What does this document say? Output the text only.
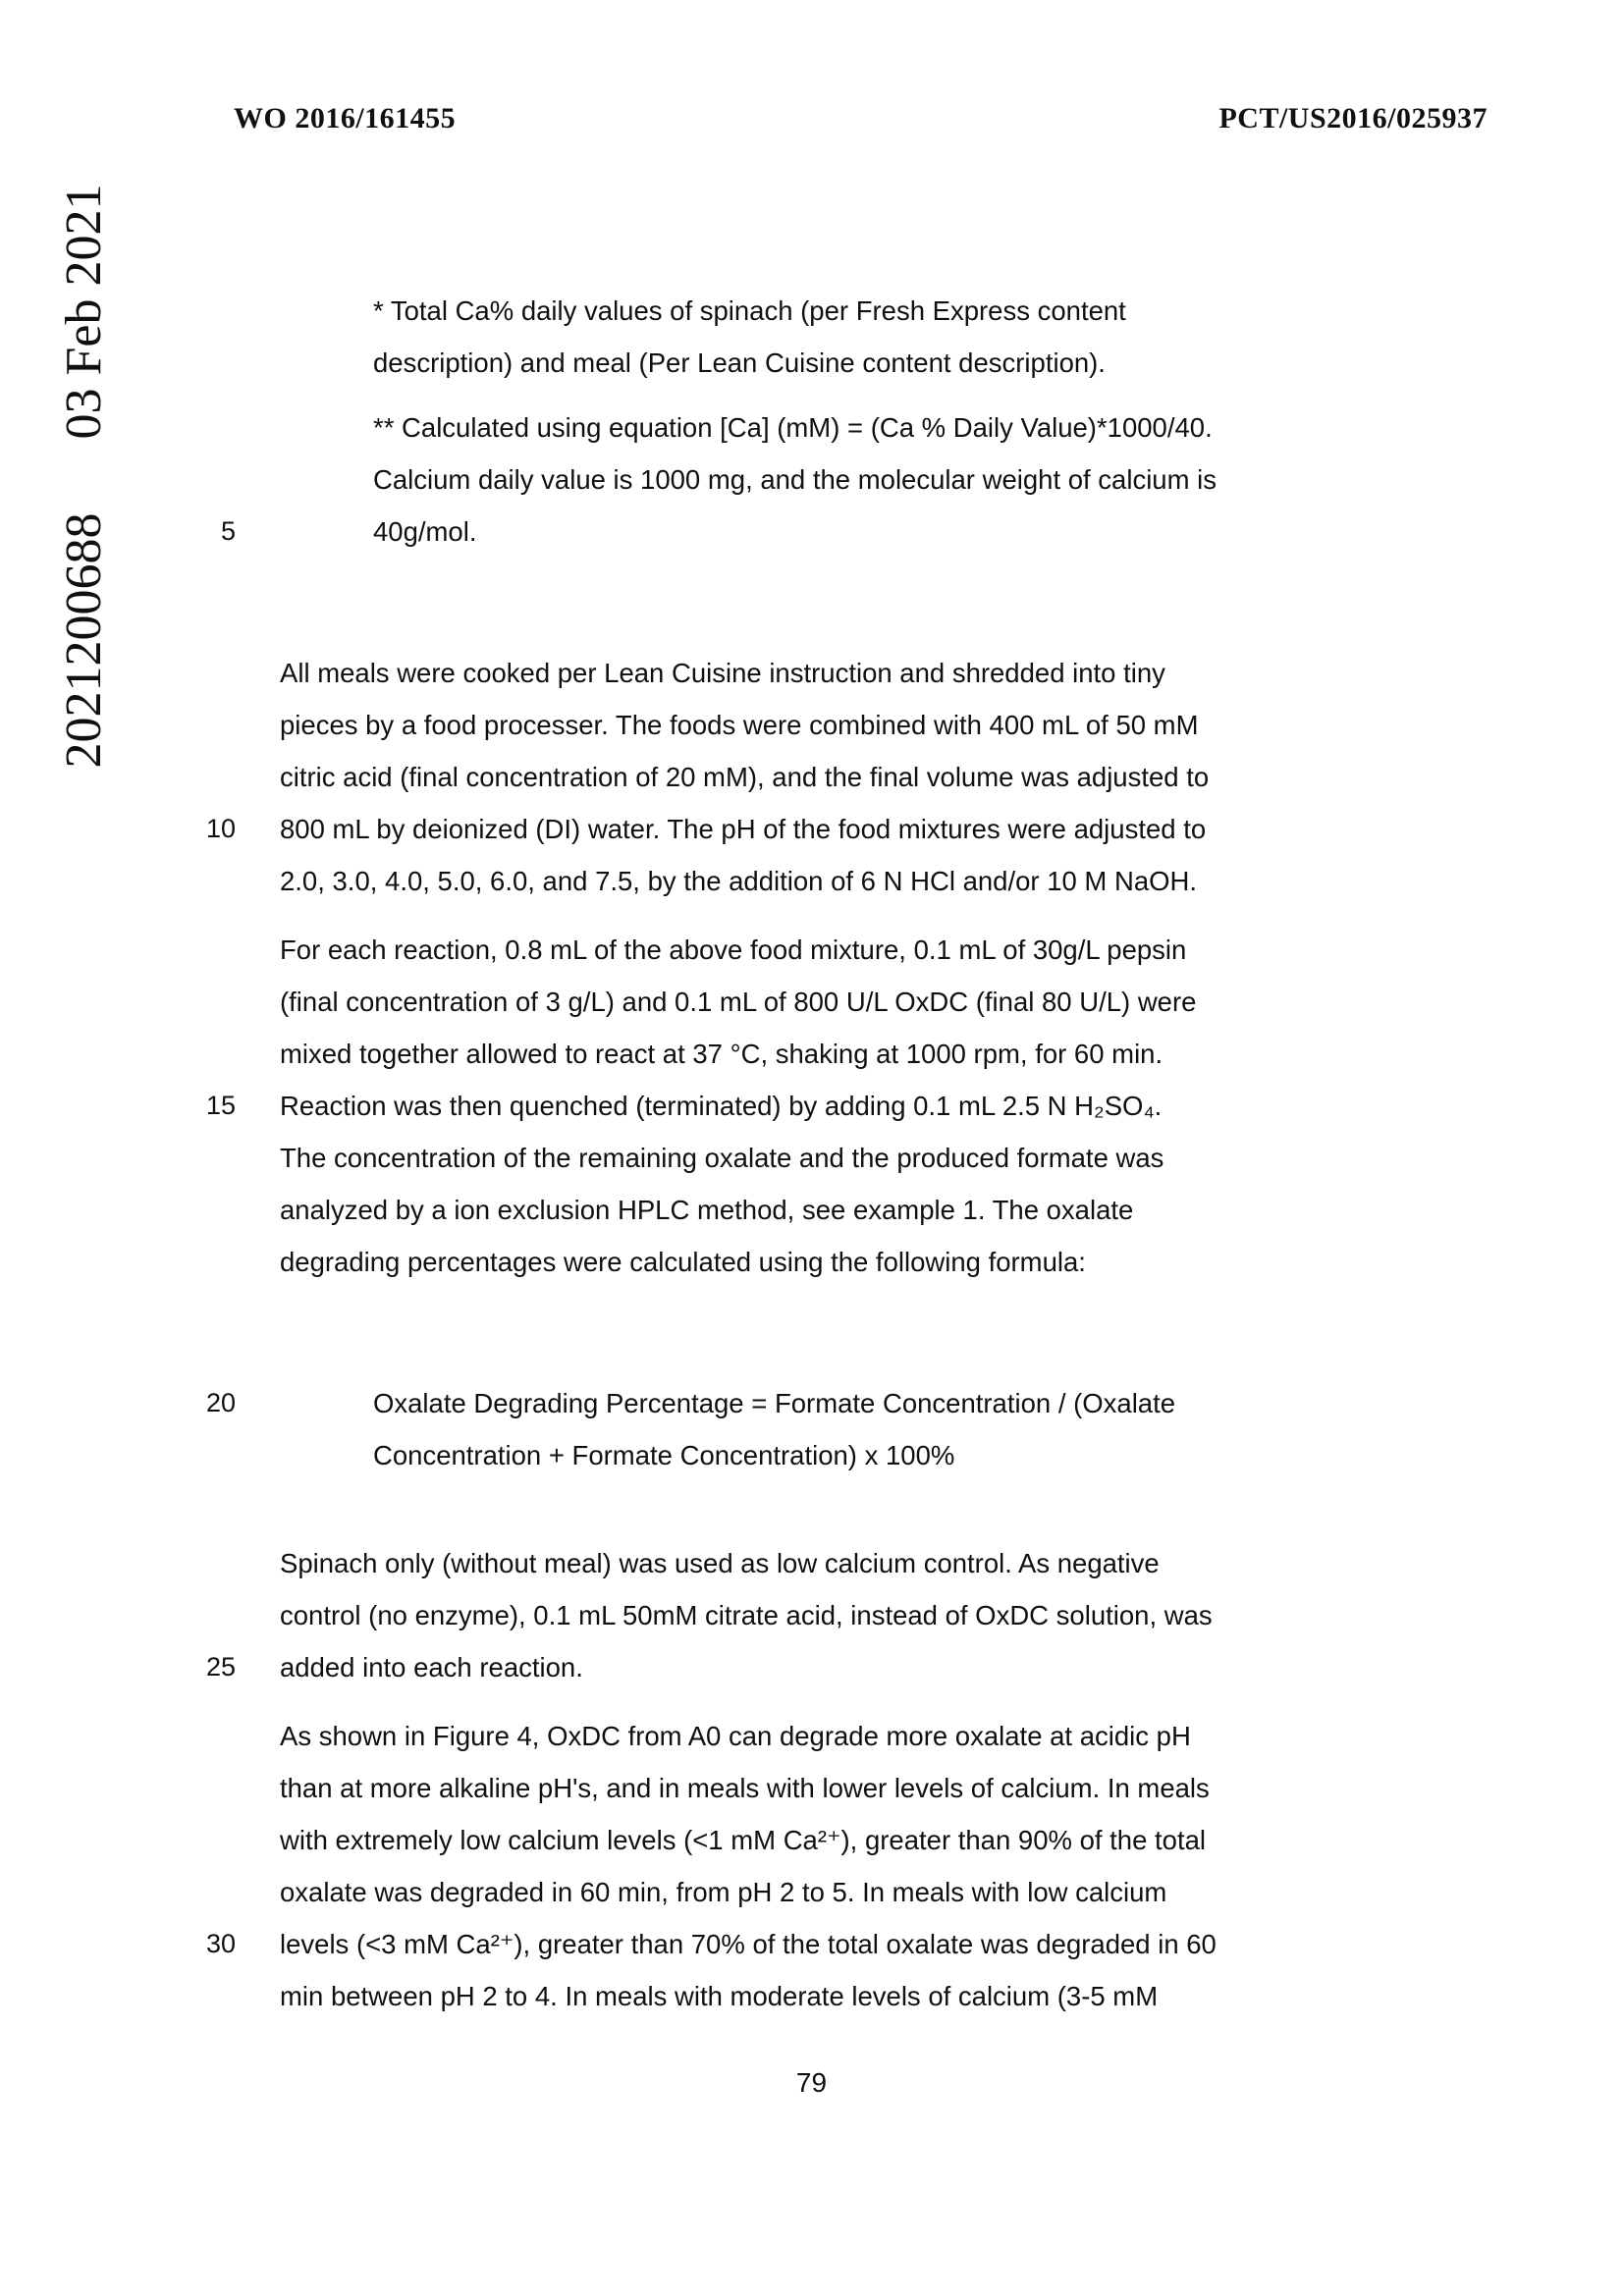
WO 2016/161455	PCT/US2016/025937
2021200688
03 Feb 2021	* Total Ca% daily values of spinach (per Fresh Express content
description) and meal (Per Lean Cuisine content description).
** Calculated using equation [Ca] (mM) = (Ca % Daily Value)*1000/40.
Calcium daily value is 1000 mg, and the molecular weight of calcium is
5	40g/mol.
All meals were cooked per Lean Cuisine instruction and shredded into tiny
pieces by a food processer. The foods were combined with 400 mL of 50 mM
citric acid (final concentration of 20 mM), and the final volume was adjusted to
10 800 mL by deionized (DI) water. The pH of the food mixtures were adjusted to
2.0, 3.0, 4.0, 5.0, 6.0, and 7.5, by the addition of 6 N HCl and/or 10 M NaOH.
For each reaction, 0.8 mL of the above food mixture, 0.1 mL of 30g/L pepsin
(final concentration of 3 g/L) and 0.1 mL of 800 U/L OxDC (final 80 U/L) were
mixed together allowed to react at 37 °C, shaking at 1000 rpm, for 60 min.
15 Reaction was then quenched (terminated) by adding 0.1 mL 2.5 N H₂SO₄.
The concentration of the remaining oxalate and the produced formate was
analyzed by a ion exclusion HPLC method, see example 1. The oxalate
degrading percentages were calculated using the following formula:
20	Oxalate Degrading Percentage = Formate Concentration / (Oxalate
Concentration + Formate Concentration) x 100%
Spinach only (without meal) was used as low calcium control. As negative
control (no enzyme), 0.1 mL 50mM citrate acid, instead of OxDC solution, was
25 added into each reaction.
As shown in Figure 4, OxDC from A0 can degrade more oxalate at acidic pH
than at more alkaline pH's, and in meals with lower levels of calcium. In meals
with extremely low calcium levels (<1 mM Ca²⁺), greater than 90% of the total
oxalate was degraded in 60 min, from pH 2 to 5. In meals with low calcium
30 levels (<3 mM Ca²⁺), greater than 70% of the total oxalate was degraded in 60
min between pH 2 to 4. In meals with moderate levels of calcium (3-5 mM
79
